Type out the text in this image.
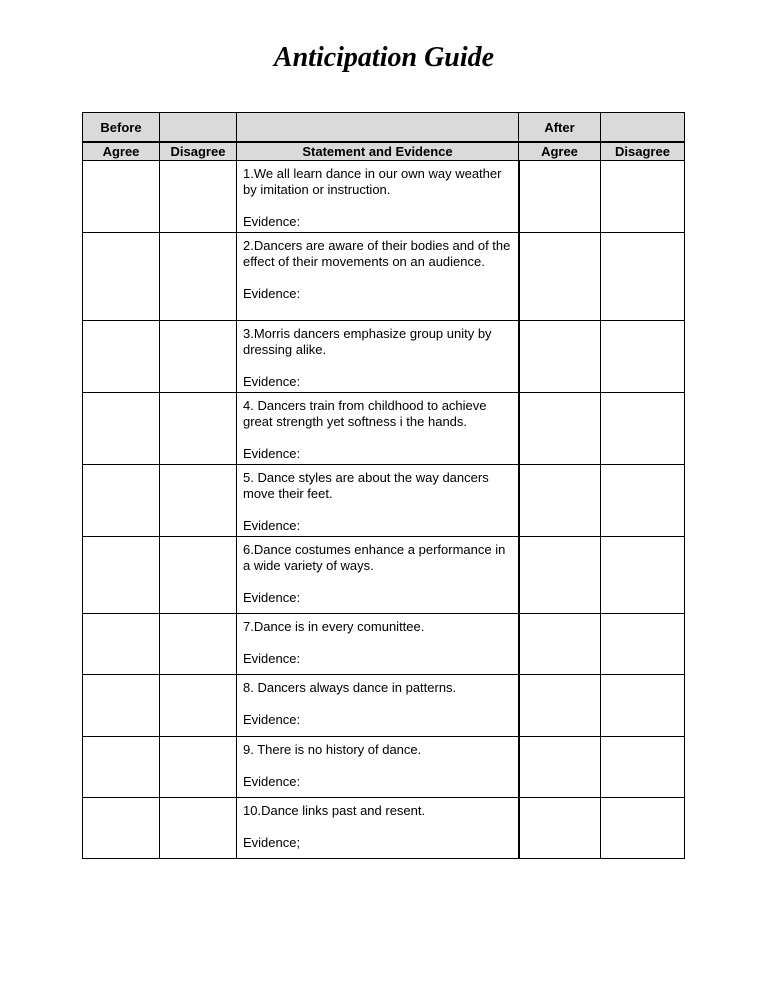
Anticipation Guide
Before			After	
Agree	Disagree	Statement and Evidence	Agree	Disagree

		1.We all learn dance in our own way weather by imitation or instruction.
Evidence:		

		2.Dancers are aware of their bodies and of the effect of their movements on an audience.
Evidence:		

		3.Morris dancers emphasize group unity by dressing alike.
Evidence:		

		4. Dancers train from childhood to achieve great strength yet softness i the hands.
Evidence:		

		5. Dance styles are about the way dancers move their feet.
Evidence:		

		6.Dance costumes enhance a performance in a wide variety of ways.
Evidence:		

		7.Dance is in every comunittee.
Evidence:		

		8. Dancers always dance in patterns.
Evidence:		

		9. There is no history of dance.
Evidence:		

		10.Dance links past and resent.
Evidence;		
